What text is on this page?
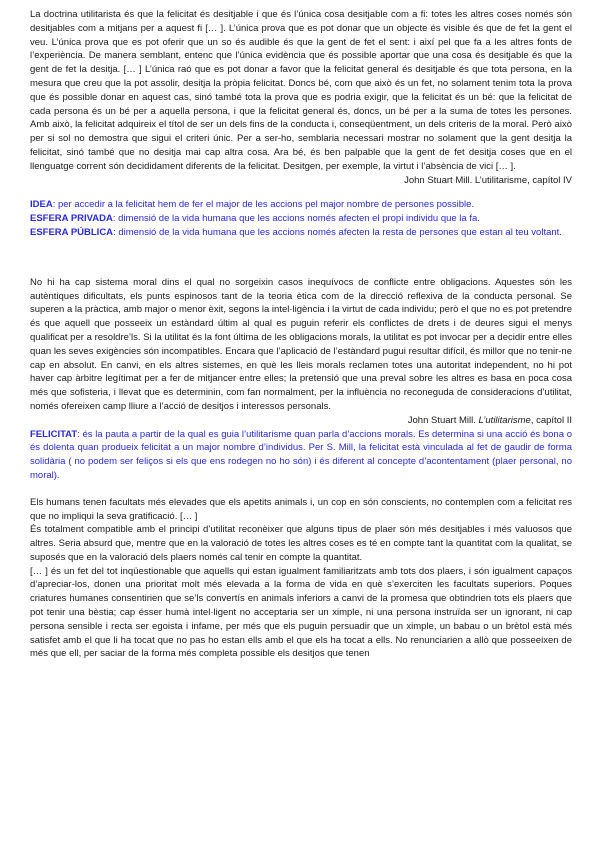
La doctrina utilitarista és que la felicitat és desitjable i que és l’única cosa desitjable com a fi: totes les altres coses només són desitjables com a mitjans per a aquest fi [… ]. L’única prova que es pot donar que un objecte és visible és que de fet la gent el veu. L’única prova que es pot oferir que un so és audible és que la gent de fet el sent: i així pel que fa a les altres fonts de l’experiència. De manera semblant, entenc que l’única evidència que és possible aportar que una cosa és desitjable és que la gent de fet la desitja. [… ] L’única raó que es pot donar a favor que la felicitat general és desitjable és que tota persona, en la mesura que creu que la pot assolir, desitja la pròpia felicitat. Doncs bé, com que això és un fet, no solament tenim tota la prova que és possible donar en aquest cas, sinó també tota la prova que es podria exigir, que la felicitat és un bé: que la felicitat de cada persona és un bé per a aquella persona, i que la felicitat general és, doncs, un bé per a la suma de totes les persones. Amb això, la felicitat adquireix el títol de ser un dels fins de la conducta i, conseqüentment, un dels criteris de la moral. Però això per si sol no demostra que sigui el criteri únic. Per a ser-ho, semblaria necessari mostrar no solament que la gent desitja la felicitat, sinó també que no desitja mai cap altra cosa. Ara bé, és ben palpable que la gent de fet desitja coses que en el llenguatge corrent són decididament diferents de la felicitat. Desitgen, per exemple, la virtut i l’absència de vici [… ].

John Stuart Mill. L’utilitarisme, capítol IV

IDEA: per accedir a la felicitat hem de fer el major de les accions pel major nombre de persones possible.

ESFERA PRIVADA: dimensió de la vida humana que les accions només afecten el propi individu que la fa.

ESFERA PÚBLICA: dimensió de la vida humana que les accions només afecten la resta de persones que estan al teu voltant.

No hi ha cap sistema moral dins el qual no sorgeixin casos inequívocs de conflicte entre obligacions. Aquestes són les autèntiques dificultats, els punts espinosos tant de la teoria ètica com de la direcció reflexiva de la conducta personal. Se superen a la pràctica, amb major o menor èxit, segons la intel·ligència i la virtut de cada individu; però el que no es pot pretendre és que aquell que posseeix un estàndard últim al qual es puguin referir els conflictes de drets i de deures sigui el menys qualificat per a resoldre’ls. Si la utilitat és la font última de les obligacions morals, la utilitat es pot invocar per a decidir entre elles quan les seves exigències són incompatibles. Encara que l’aplicació de l’estàndard pugui resultar difícil, és millor que no tenir-ne cap en absolut. En canvi, en els altres sistemes, en què les lleis morals reclamen totes una autoritat independent, no hi pot haver cap àrbitre legítimat per a fer de mitjancer entre elles; la pretensió que una preval sobre les altres es basa en poca cosa més que sofisteria, i llevat que es determinin, com fan normalment, per la influència no reconeguda de consideracions d’utilitat, només ofereixen camp lliure a l’acció de desitjos i interessos personals.

John Stuart Mill. L’utilitarisme, capítol II

FELICITAT: és la pauta a partir de la qual es guia l’utilitarisme quan parla d’accions morals. Es determina si una acció és bona o és dolenta quan produeix felicitat a un major nombre d’individus. Per S. Mill, la felicitat està vinculada al fet de gaudir de forma solidària ( no podem ser feliços si els que ens rodegen no ho són) i és diferent al concepte d’acontentament (plaer personal, no moral).

Els humans tenen facultats més elevades que els apetits animals i, un cop en són conscients, no contemplen com a felicitat res que no impliqui la seva gratificació. [… ]

És totalment compatible amb el principi d’utilitat reconèixer que alguns tipus de plaer són més desitjables i més valuosos que altres. Seria absurd que, mentre que en la valoració de totes les altres coses es té en compte tant la quantitat com la qualitat, se suposés que en la valoració dels plaers només cal tenir en compte la quantitat.

[… ] és un fet del tot inqüestionable que aquells qui estan igualment familiaritzats amb tots dos plaers, i són igualment capaços d’apreciar-los, donen una prioritat molt més elevada a la forma de vida en què s’exerciten les facultats superiors. Poques criatures humanes consentirien que se’ls convertís en animals inferiors a canvi de la promesa que obtindrien tots els plaers que pot tenir una bèstia; cap ésser humà intel·ligent no acceptaria ser un ximple, ni una persona instruïda ser un ignorant, ni cap persona sensible i recta ser egoista i infame, per més que els puguin persuadir que un ximple, un babau o un brètol està més satisfet amb el que li ha tocat que no pas ho estan ells amb el que els ha tocat a ells. No renunciarien a allò que posseeixen de més que ell, per saciar de la forma més completa possible els desitjos que tenen
